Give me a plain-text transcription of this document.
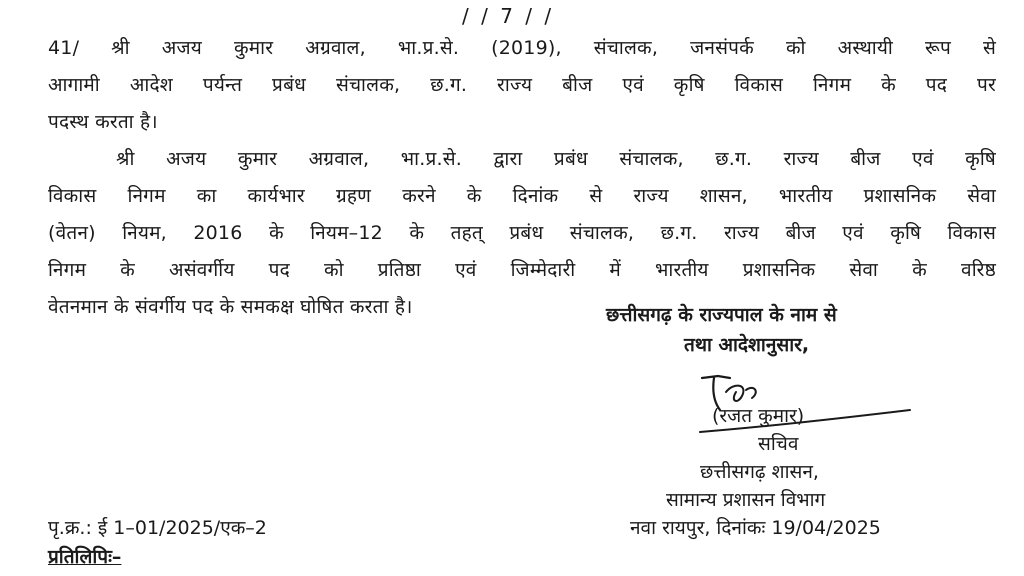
/ / 7 / /
41/ श्री अजय कुमार अग्रवाल, भा.प्र.से. (2019), संचालक, जनसंपर्क को अस्थायी रूप से
आगामी आदेश पर्यन्त प्रबंध संचालक, छ.ग. राज्य बीज एवं कृषि विकास निगम के पद पर
पदस्थ करता है।
श्री अजय कुमार अग्रवाल, भा.प्र.से. द्वारा प्रबंध संचालक, छ.ग. राज्य बीज एवं कृषि
विकास निगम का कार्यभार ग्रहण करने के दिनांक से राज्य शासन, भारतीय प्रशासनिक सेवा
(वेतन) नियम, 2016 के नियम–12 के तहत् प्रबंध संचालक, छ.ग. राज्य बीज एवं कृषि विकास
निगम के असंवर्गीय पद को प्रतिष्ठा एवं जिम्मेदारी में भारतीय प्रशासनिक सेवा के वरिष्ठ
वेतनमान के संवर्गीय पद के समकक्ष घोषित करता है।	छत्तीसगढ़ के राज्यपाल के नाम से
तथा आदेशानुसार,
(रजत कुमार)
सचिव
छत्तीसगढ़ शासन,
सामान्य प्रशासन विभाग
पृ.क्र.: ई 1–01/2025/एक–2	नवा रायपुर, दिनांकः 19/04/2025
प्रतिलिपिः–
